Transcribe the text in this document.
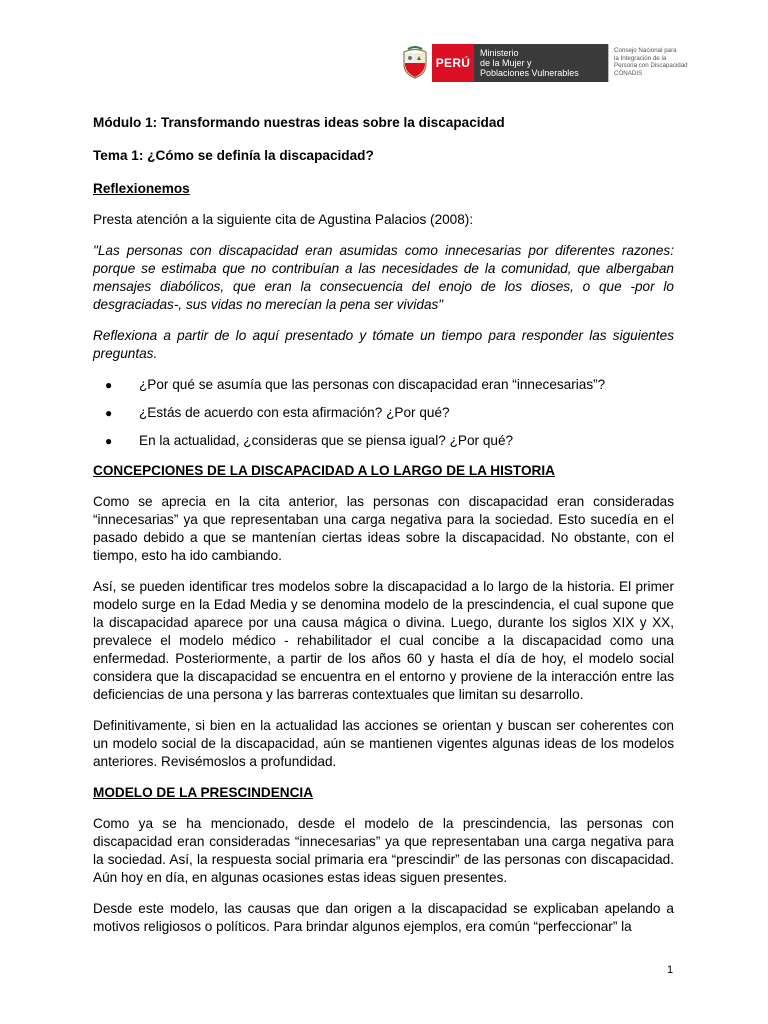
PERÚ
Ministerio
de la Mujer y
Poblaciones Vulnerables
Consejo Nacional para
la Integración de la
Persona con Discapacidad
CONADIS

Módulo 1: Transformando nuestras ideas sobre la discapacidad

Tema 1: ¿Cómo se definía la discapacidad?

Reflexionemos

Presta atención a la siguiente cita de Agustina Palacios (2008):

"Las personas con discapacidad eran asumidas como innecesarias por diferentes razones: porque se estimaba que no contribuían a las necesidades de la comunidad, que albergaban mensajes diabólicos, que eran la consecuencia del enojo de los dioses, o que -por lo desgraciadas-, sus vidas no merecían la pena ser vividas"

Reflexiona a partir de lo aquí presentado y tómate un tiempo para responder las siguientes preguntas.

● ¿Por qué se asumía que las personas con discapacidad eran “innecesarias”?
● ¿Estás de acuerdo con esta afirmación? ¿Por qué?
● En la actualidad, ¿consideras que se piensa igual? ¿Por qué?

CONCEPCIONES DE LA DISCAPACIDAD A LO LARGO DE LA HISTORIA

Como se aprecia en la cita anterior, las personas con discapacidad eran consideradas “innecesarias” ya que representaban una carga negativa para la sociedad. Esto sucedía en el pasado debido a que se mantenían ciertas ideas sobre la discapacidad. No obstante, con el tiempo, esto ha ido cambiando.

Así, se pueden identificar tres modelos sobre la discapacidad a lo largo de la historia. El primer modelo surge en la Edad Media y se denomina modelo de la prescindencia, el cual supone que la discapacidad aparece por una causa mágica o divina. Luego, durante los siglos XIX y XX, prevalece el modelo médico - rehabilitador el cual concibe a la discapacidad como una enfermedad. Posteriormente, a partir de los años 60 y hasta el día de hoy, el modelo social considera que la discapacidad se encuentra en el entorno y proviene de la interacción entre las deficiencias de una persona y las barreras contextuales que limitan su desarrollo.

Definitivamente, si bien en la actualidad las acciones se orientan y buscan ser coherentes con un modelo social de la discapacidad, aún se mantienen vigentes algunas ideas de los modelos anteriores. Revisémoslos a profundidad.

MODELO DE LA PRESCINDENCIA

Como ya se ha mencionado, desde el modelo de la prescindencia, las personas con discapacidad eran consideradas “innecesarias” ya que representaban una carga negativa para la sociedad. Así, la respuesta social primaria era “prescindir” de las personas con discapacidad. Aún hoy en día, en algunas ocasiones estas ideas siguen presentes.

Desde este modelo, las causas que dan origen a la discapacidad se explicaban apelando a motivos religiosos o políticos. Para brindar algunos ejemplos, era común “perfeccionar” la

1
